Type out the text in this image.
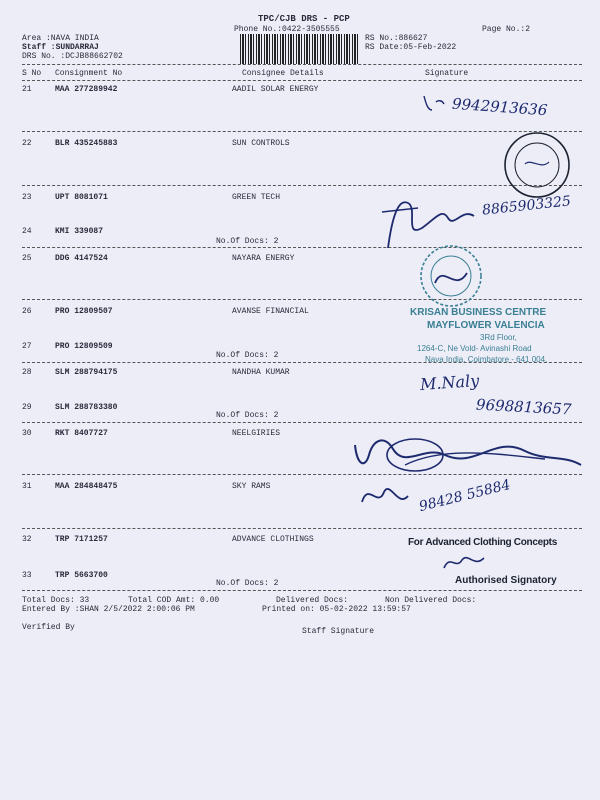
TPC/CJB DRS - PCP
Phone No.:0422-3505555	Page No.:2
Area :NAVA INDIA
Staff :SUNDARRAJ
DRS No. :DCJB88662702
RS No.:886627
RS Date:05-Feb-2022
S No Consignment No	Consignee Details	Signature
21	MAA 277289942	AADIL SOLAR ENERGY
22	BLR 435245883	SUN CONTROLS
23	UPT 8081071	GREEN TECH
24	KMI 339087
No.Of Docs: 2
25	DDG 4147524	NAYARA ENERGY
26	PRO 12809507	AVANSE FINANCIAL
27	PRO 12809509
No.Of Docs: 2
28	SLM 288794175	NANDHA KUMAR
29	SLM 288783380
No.Of Docs: 2
30	RKT 8407727	NEELGIRIES
31	MAA 284848475	SKY RAMS
32	TRP 7171257	ADVANCE CLOTHINGS
33	TRP 5663700
No.Of Docs: 2
Total Docs: 33	Total COD Amt: 0.00	Delivered Docs:	Non Delivered Docs:
Entered By :SHAN 2/5/2022 2:00:06 PM	Printed on: 05-02-2022 13:59:57
Verified By	Staff Signature
9942913636
8865903325
KRISAN BUSINESS CENTRE
MAYFLOWER VALENCIA
3Rd Floor,
1264-C, Ne Vold- Avinashi Road
Nava India, Coimbatore - 641 004.
M.Naly
9698813657
98428 55884
For Advanced Clothing Concepts
Authorised Signatory
